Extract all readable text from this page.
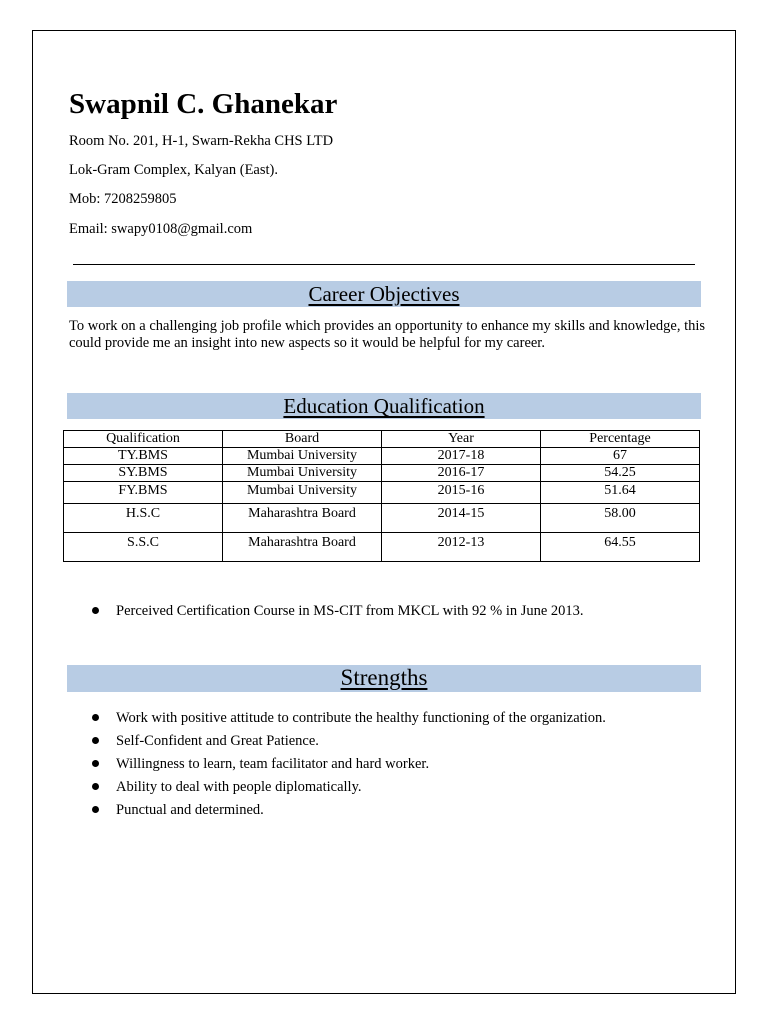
Swapnil C. Ghanekar
Room No. 201, H-1, Swarn-Rekha CHS LTD
Lok-Gram Complex, Kalyan (East).
Mob: 7208259805
Email: swapy0108@gmail.com
Career Objectives

To work on a challenging job profile which provides an opportunity to enhance my skills and knowledge, this could provide me an insight into new aspects so it would be helpful for my career.

Education Qualification
Qualification	Board	Year	Percentage
TY.BMS	Mumbai University	2017-18	67
SY.BMS	Mumbai University	2016-17	54.25
FY.BMS	Mumbai University	2015-16	51.64
H.S.C	Maharashtra Board	2014-15	58.00
S.S.C	Maharashtra Board	2012-13	64.55
Perceived Certification Course in MS-CIT from MKCL with 92 % in June 2013.
Strengths
Work with positive attitude to contribute the healthy functioning of the organization.
Self-Confident and Great Patience.
Willingness to learn, team facilitator and hard worker.
Ability to deal with people diplomatically.
Punctual and determined.
